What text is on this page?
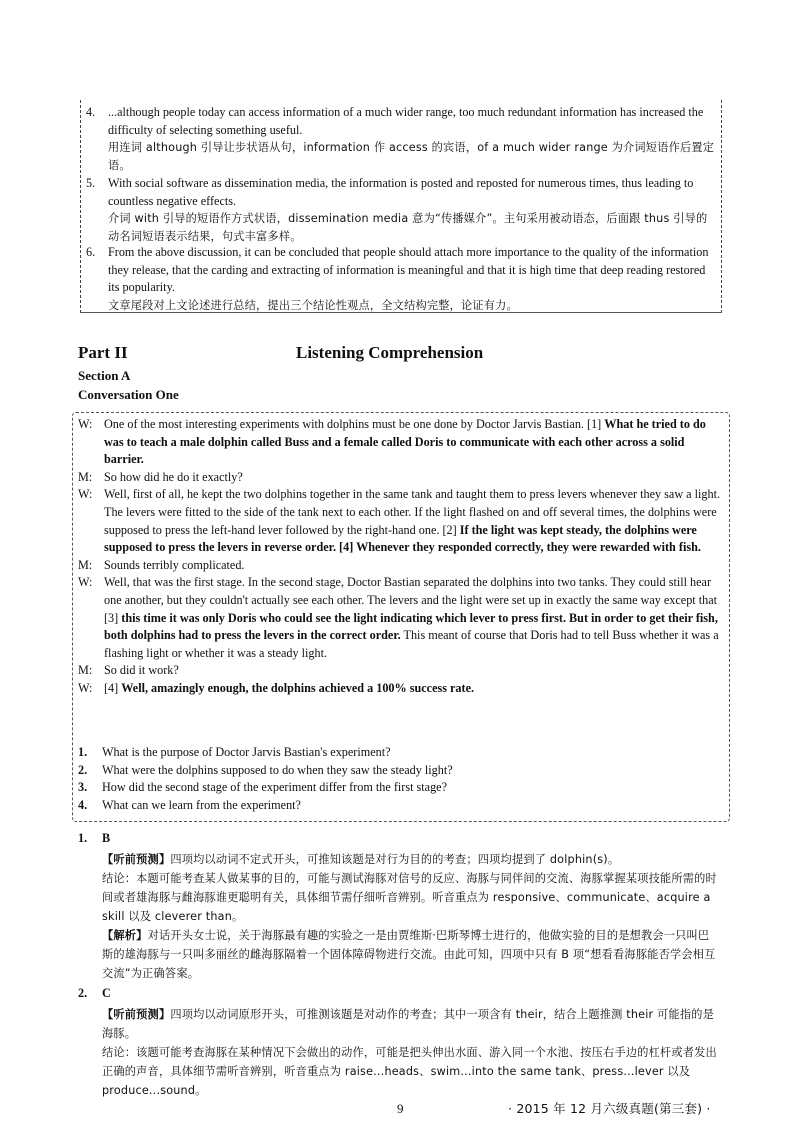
4.	...although people today can access information of a much wider range, too much redundant information has increased the difficulty of selecting something useful.
用连词 although 引导让步状语从句，information 作 access 的宾语，of a much wider range 为介词短语作后置定语。
5.	With social software as dissemination media, the information is posted and reposted for numerous times, thus leading to countless negative effects.
介词 with 引导的短语作方式状语，dissemination media 意为“传播媒介”。主句采用被动语态，后面跟 thus 引导的动名词短语表示结果，句式丰富多样。
6.	From the above discussion, it can be concluded that people should attach more importance to the quality of the information they release, that the carding and extracting of information is meaningful and that it is high time that deep reading restored its popularity.
文章尾段对上文论述进行总结，提出三个结论性观点，全文结构完整，论证有力。
Part II	Listening Comprehension
Section A
Conversation One
W: One of the most interesting experiments with dolphins must be one done by Doctor Jarvis Bastian. [1] What he tried to do was to teach a male dolphin called Buss and a female called Doris to communicate with each other across a solid barrier.
M: So how did he do it exactly?
W: Well, first of all, he kept the two dolphins together in the same tank and taught them to press levers whenever they saw a light. The levers were fitted to the side of the tank next to each other. If the light flashed on and off several times, the dolphins were supposed to press the left-hand lever followed by the right-hand one. [2] If the light was kept steady, the dolphins were supposed to press the levers in reverse order. [4] Whenever they responded correctly, they were rewarded with fish.
M: Sounds terribly complicated.
W: Well, that was the first stage. In the second stage, Doctor Bastian separated the dolphins into two tanks. They could still hear one another, but they couldn't actually see each other. The levers and the light were set up in exactly the same way except that [3] this time it was only Doris who could see the light indicating which lever to press first. But in order to get their fish, both dolphins had to press the levers in the correct order. This meant of course that Doris had to tell Buss whether it was a flashing light or whether it was a steady light.
M: So did it work?
W: [4] Well, amazingly enough, the dolphins achieved a 100% success rate.
1. What is the purpose of Doctor Jarvis Bastian's experiment?
2. What were the dolphins supposed to do when they saw the steady light?
3. How did the second stage of the experiment differ from the first stage?
4. What can we learn from the experiment?
1. B
【听前预测】四项均以动词不定式开头，可推知该题是对行为目的的考查；四项均提到了 dolphin(s)。
结论：本题可能考查某人做某事的目的，可能与测试海豚对信号的反应、海豚与同伴间的交流、海豚掌握某项技能所需的时间或者雄海豚与雌海豚谁更聪明有关，具体细节需仔细听音辨别。听音重点为 responsive、communicate、acquire a skill 以及 cleverer than。
【解析】对话开头女士说，关于海豚最有趣的实验之一是由贾维斯·巴斯琴博士进行的，他做实验的目的是想教会一只叫巴斯的雄海豚与一只叫多丽丝的雌海豚隔着一个固体障碍物进行交流。由此可知，四项中只有 B 项“想看看海豚能否学会相互交流”为正确答案。
2. C
【听前预测】四项均以动词原形开头，可推测该题是对动作的考查；其中一项含有 their，结合上题推测 their 可能指的是海豚。
结论：该题可能考查海豚在某种情况下会做出的动作，可能是把头伸出水面、游入同一个水池、按压右手边的杠杆或者发出正确的声音，具体细节需听音辨别，听音重点为 raise...heads、swim...into the same tank、press...lever 以及 produce...sound。
9	· 2015 年 12 月六级真题(第三套) ·
